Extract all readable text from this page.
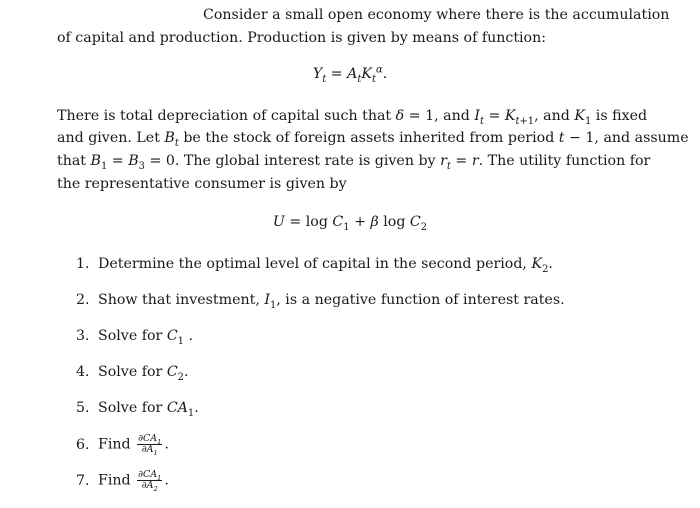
Consider a small open economy where there is the accumulation
of capital and production. Production is given by means of function:
$Y_t = A_tK_t^\alpha$.
There is total depreciation of capital such that δ = 1, and $I_t = K_{t+1}$, and $K_1$ is fixed
and given. Let $B_t$ be the stock of foreign assets inherited from period t − 1, and assume
that $B_1 = B_3 = 0$. The global interest rate is given by $r_t = r$. The utility function for
the representative consumer is given by
$U = \log C_1 + \beta$ $\log C_2$
1. Determine the optimal level of capital in the second period, $K_2$.
2. Show that investment, $I_1$, is a negative function of interest rates.
3. Solve for $C_1$ .
4. Solve for $C_2$.
5. Solve for $CA_1$.
6. Find $\frac{\partial CA_1}{\partial A_1}$ .
7. Find $\frac{\partial CA_1}{\partial A_2}$ .
